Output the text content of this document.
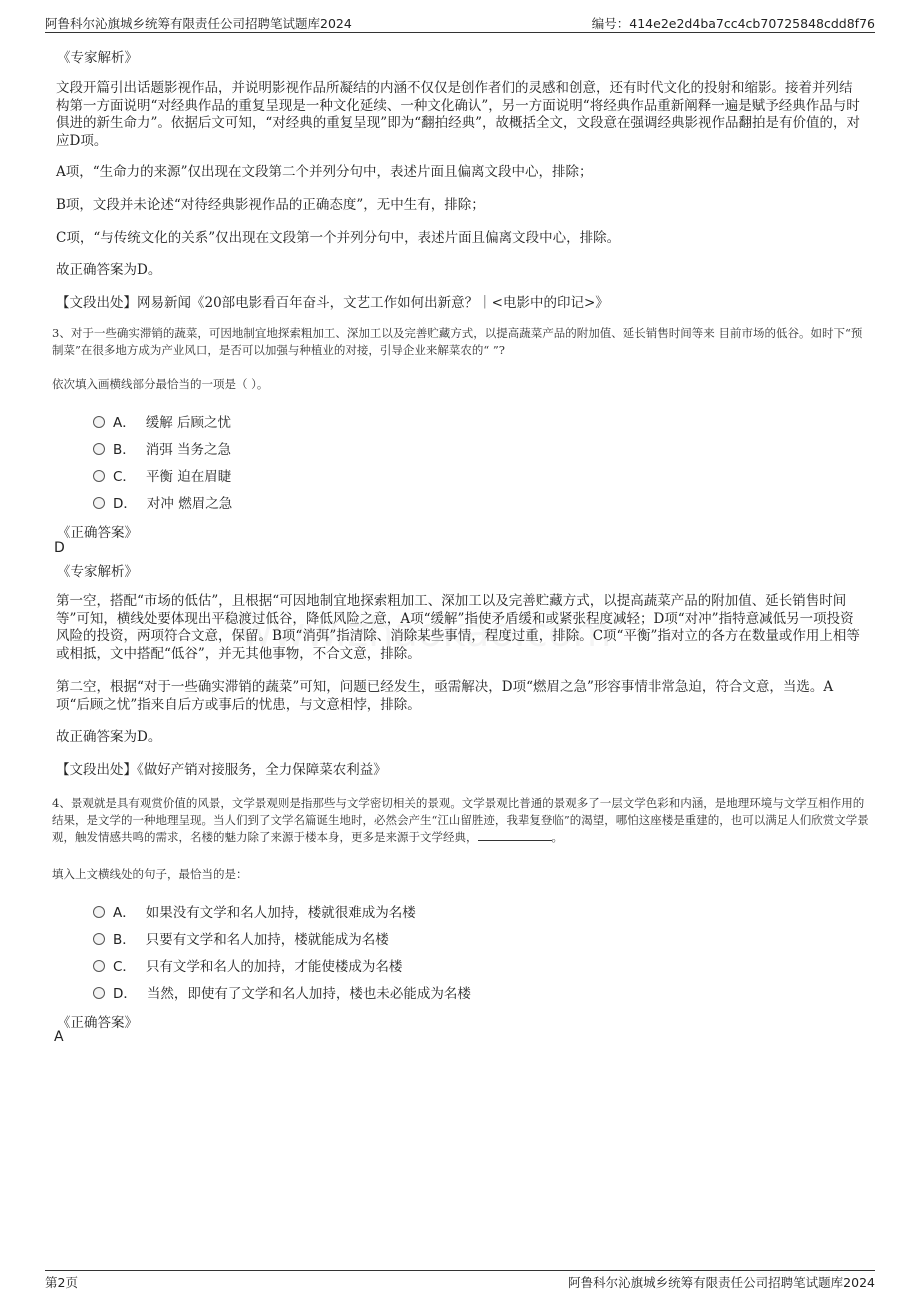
阿鲁科尔沁旗城乡统筹有限责任公司招聘笔试题库2024	编号：414e2e2d4ba7cc4cb70725848cdd8f76
《专家解析》
文段开篇引出话题影视作品，并说明影视作品所凝结的内涵不仅仅是创作者们的灵感和创意，还有时代文化的投射和缩影。接着并列结构第一方面说明“对经典作品的重复呈现是一种文化延续、一种文化确认”，另一方面说明“将经典作品重新阐释一遍是赋予经典作品与时俱进的新生命力”。依据后文可知，“对经典的重复呈现”即为“翻拍经典”，故概括全文，文段意在强调经典影视作品翻拍是有价值的，对应D项。
A项，“生命力的来源”仅出现在文段第二个并列分句中，表述片面且偏离文段中心，排除；
B项，文段并未论述“对待经典影视作品的正确态度”，无中生有，排除；
C项，“与传统文化的关系”仅出现在文段第一个并列分句中，表述片面且偏离文段中心，排除。
故正确答案为D。
【文段出处】网易新闻《20部电影看百年奋斗，文艺工作如何出新意？｜<电影中的印记>》
3、对于一些确实滞销的蔬菜，可因地制宜地探索粗加工、深加工以及完善贮藏方式，以提高蔬菜产品的附加值、延长销售时间等来 目前市场的低谷。如时下“预制菜”在很多地方成为产业风口，是否可以加强与种植业的对接，引导企业来解菜农的“ ”?
依次填入画横线部分最恰当的一项是（ ）。
A． 缓解 后顾之忧
B． 消弭 当务之急
C． 平衡 迫在眉睫
D． 对冲 燃眉之急
《正确答案》
D
《专家解析》
第一空，搭配“市场的低估”，且根据“可因地制宜地探索粗加工、深加工以及完善贮藏方式，以提高蔬菜产品的附加值、延长销售时间等”可知，横线处要体现出平稳渡过低谷，降低风险之意，A项“缓解”指使矛盾缓和或紧张程度减轻；D项“对冲”指特意减低另一项投资风险的投资，两项符合文意，保留。B项“消弭”指清除、消除某些事情，程度过重，排除。C项“平衡”指对立的各方在数量或作用上相等或相抵，文中搭配“低谷”，并无其他事物，不合文意，排除。
第二空，根据“对于一些确实滞销的蔬菜”可知，问题已经发生，亟需解决，D项“燃眉之急”形容事情非常急迫，符合文意，当选。A项“后顾之忧”指来自后方或事后的忧患，与文意相悖，排除。
故正确答案为D。
【文段出处】《做好产销对接服务，全力保障菜农利益》
4、景观就是具有观赏价值的风景，文学景观则是指那些与文学密切相关的景观。文学景观比普通的景观多了一层文学色彩和内涵，是地理环境与文学互相作用的结果，是文学的一种地理呈现。当人们到了文学名篇诞生地时，必然会产生“江山留胜迹，我辈复登临”的渴望，哪怕这座楼是重建的，也可以满足人们欣赏文学景观，触发情感共鸣的需求，名楼的魅力除了来源于楼本身，更多是来源于文学经典，	。
填入上文横线处的句子，最恰当的是：
A． 如果没有文学和名人加持，楼就很难成为名楼
B． 只要有文学和名人加持，楼就能成为名楼
C． 只有文学和名人的加持，才能使楼成为名楼
D． 当然，即使有了文学和名人加持，楼也未必能成为名楼
《正确答案》
A
第2页	阿鲁科尔沁旗城乡统筹有限责任公司招聘笔试题库2024
